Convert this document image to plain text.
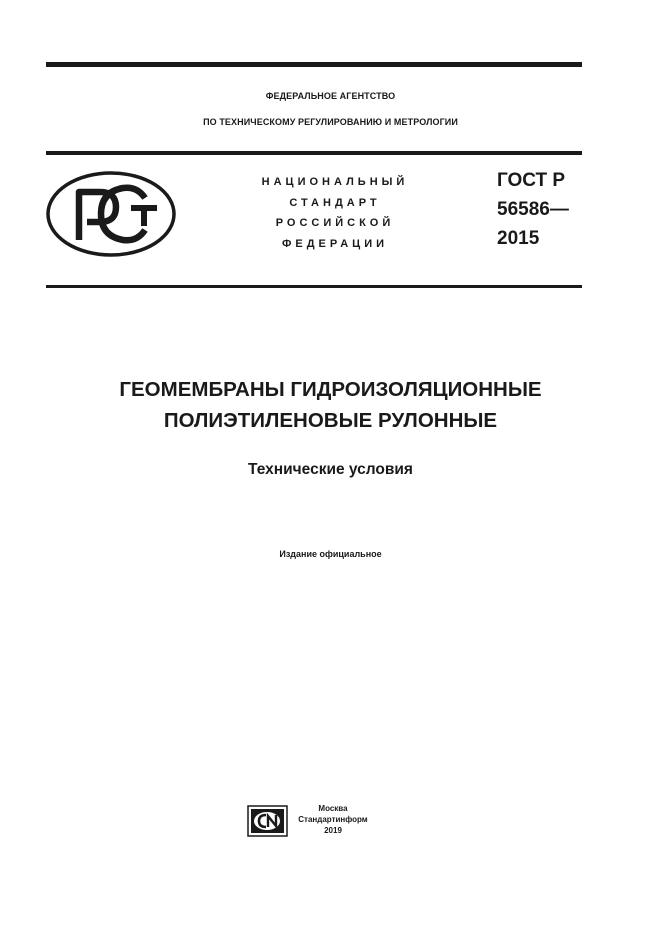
ФЕДЕРАЛЬНОЕ АГЕНТСТВО
ПО ТЕХНИЧЕСКОМУ РЕГУЛИРОВАНИЮ И МЕТРОЛОГИИ
НАЦИОНАЛЬНЫЙ
СТАНДАРТ
РОССИЙСКОЙ
ФЕДЕРАЦИИ
ГОСТ Р
56586—
2015
ГЕОМЕМБРАНЫ ГИДРОИЗОЛЯЦИОННЫЕ
ПОЛИЭТИЛЕНОВЫЕ РУЛОННЫЕ
Технические условия
Издание официальное
Москва
Стандартинформ
2019
